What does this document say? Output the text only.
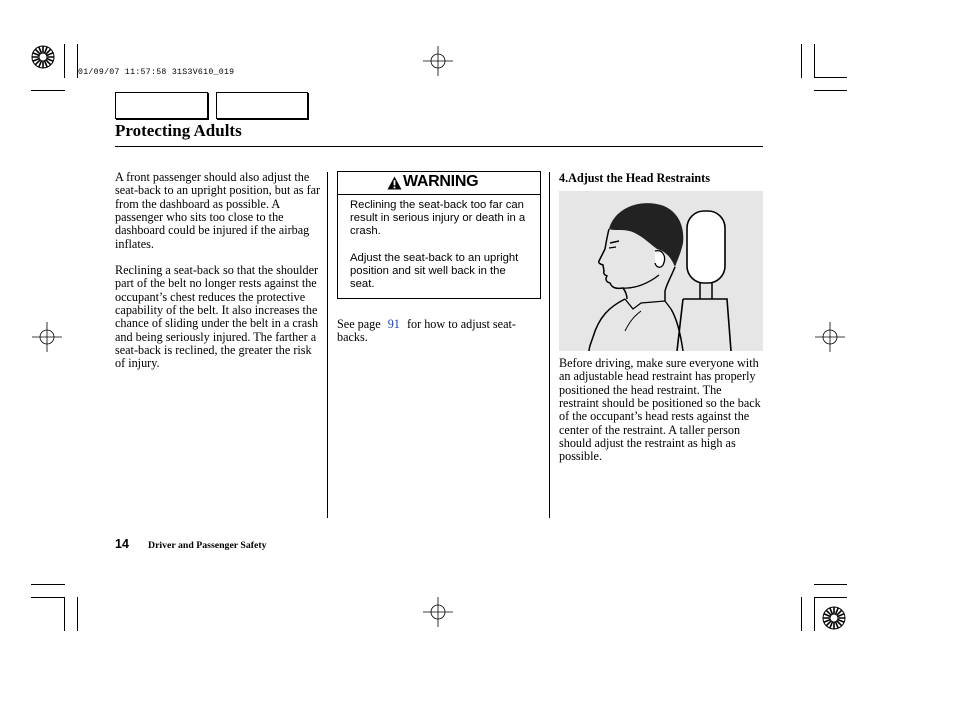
01/09/07 11:57:58 31S3V610_019
Protecting Adults

A front passenger should also adjust the seat-back to an upright position, but as far from the dashboard as possible. A passenger who sits too close to the dashboard could be injured if the airbag inflates.

Reclining a seat-back so that the shoulder part of the belt no longer rests against the occupant’s chest reduces the protective capability of the belt. It also increases the chance of sliding under the belt in a crash and being seriously injured. The farther a seat-back is reclined, the greater the risk of injury.

WARNING

Reclining the seat-back too far can result in serious injury or death in a crash.

Adjust the seat-back to an upright position and sit well back in the seat.

See page 91 for how to adjust seat-backs.

4.Adjust the Head Restraints

Before driving, make sure everyone with an adjustable head restraint has properly positioned the head restraint. The restraint should be positioned so the back of the occupant’s head rests against the center of the restraint. A taller person should adjust the restraint as high as possible.

14 Driver and Passenger Safety
